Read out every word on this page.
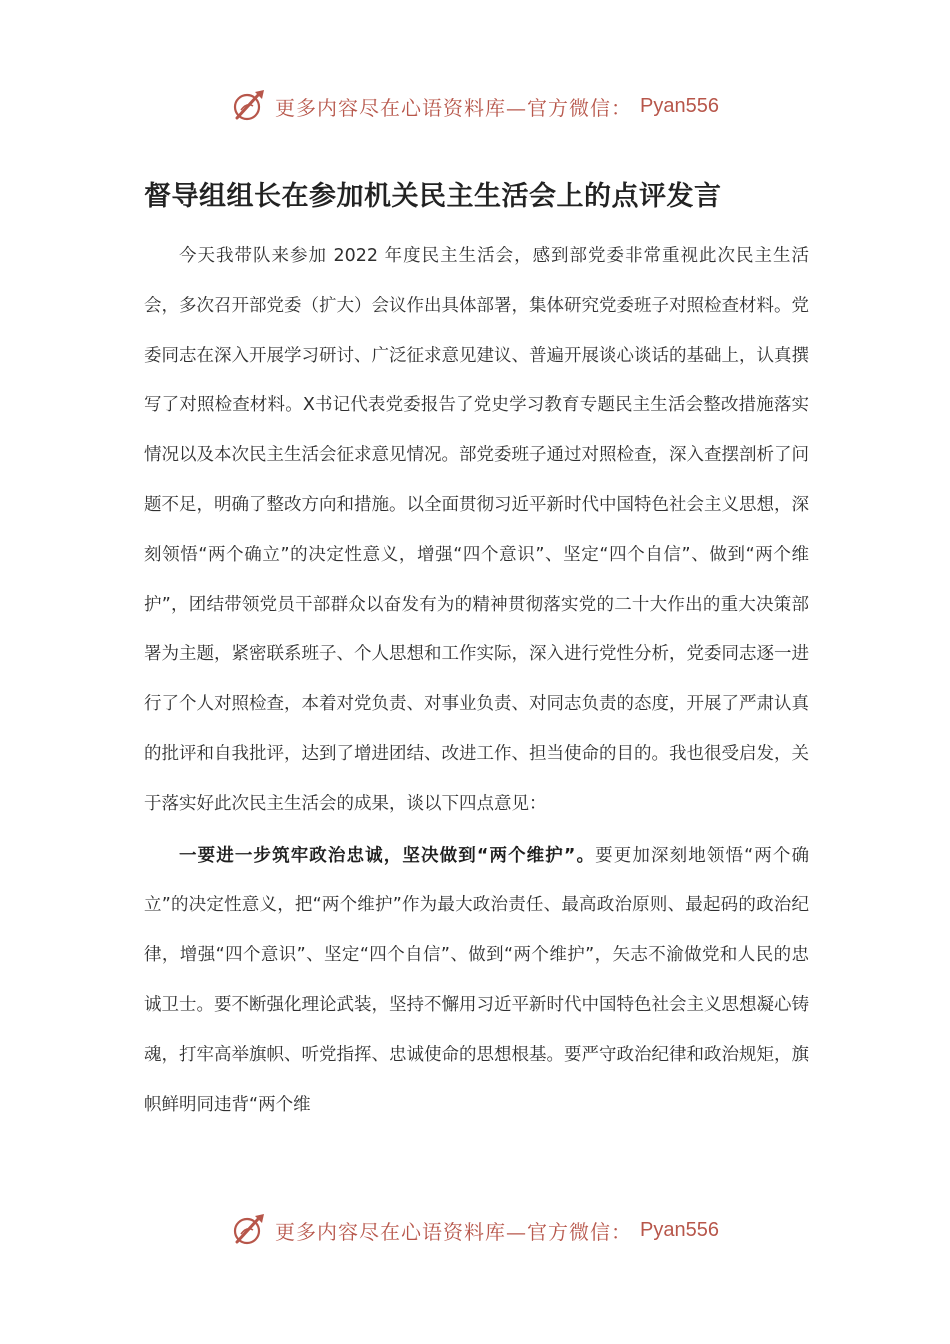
更多内容尽在心语资料库—官方微信： Pyan556
督导组组长在参加机关民主生活会上的点评发言

今天我带队来参加 2022 年度民主生活会，感到部党委非常重视此次民主生活会，多次召开部党委（扩大）会议作出具体部署，集体研究党委班子对照检查材料。党委同志在深入开展学习研讨、广泛征求意见建议、普遍开展谈心谈话的基础上，认真撰写了对照检查材料。X书记代表党委报告了党史学习教育专题民主生活会整改措施落实情况以及本次民主生活会征求意见情况。部党委班子通过对照检查，深入查摆剖析了问题不足，明确了整改方向和措施。以全面贯彻习近平新时代中国特色社会主义思想，深刻领悟“两个确立”的决定性意义，增强“四个意识”、坚定“四个自信”、做到“两个维护”，团结带领党员干部群众以奋发有为的精神贯彻落实党的二十大作出的重大决策部署为主题，紧密联系班子、个人思想和工作实际，深入进行党性分析，党委同志逐一进行了个人对照检查，本着对党负责、对事业负责、对同志负责的态度，开展了严肃认真的批评和自我批评，达到了增进团结、改进工作、担当使命的目的。我也很受启发，关于落实好此次民主生活会的成果，谈以下四点意见：

一要进一步筑牢政治忠诚，坚决做到“两个维护”。要更加深刻地领悟“两个确立”的决定性意义，把“两个维护”作为最大政治责任、最高政治原则、最起码的政治纪律，增强“四个意识”、坚定“四个自信”、做到“两个维护”，矢志不渝做党和人民的忠诚卫士。要不断强化理论武装，坚持不懈用习近平新时代中国特色社会主义思想凝心铸魂，打牢高举旗帜、听党指挥、忠诚使命的思想根基。要严守政治纪律和政治规矩，旗帜鲜明同违背“两个维

更多内容尽在心语资料库—官方微信： Pyan556
